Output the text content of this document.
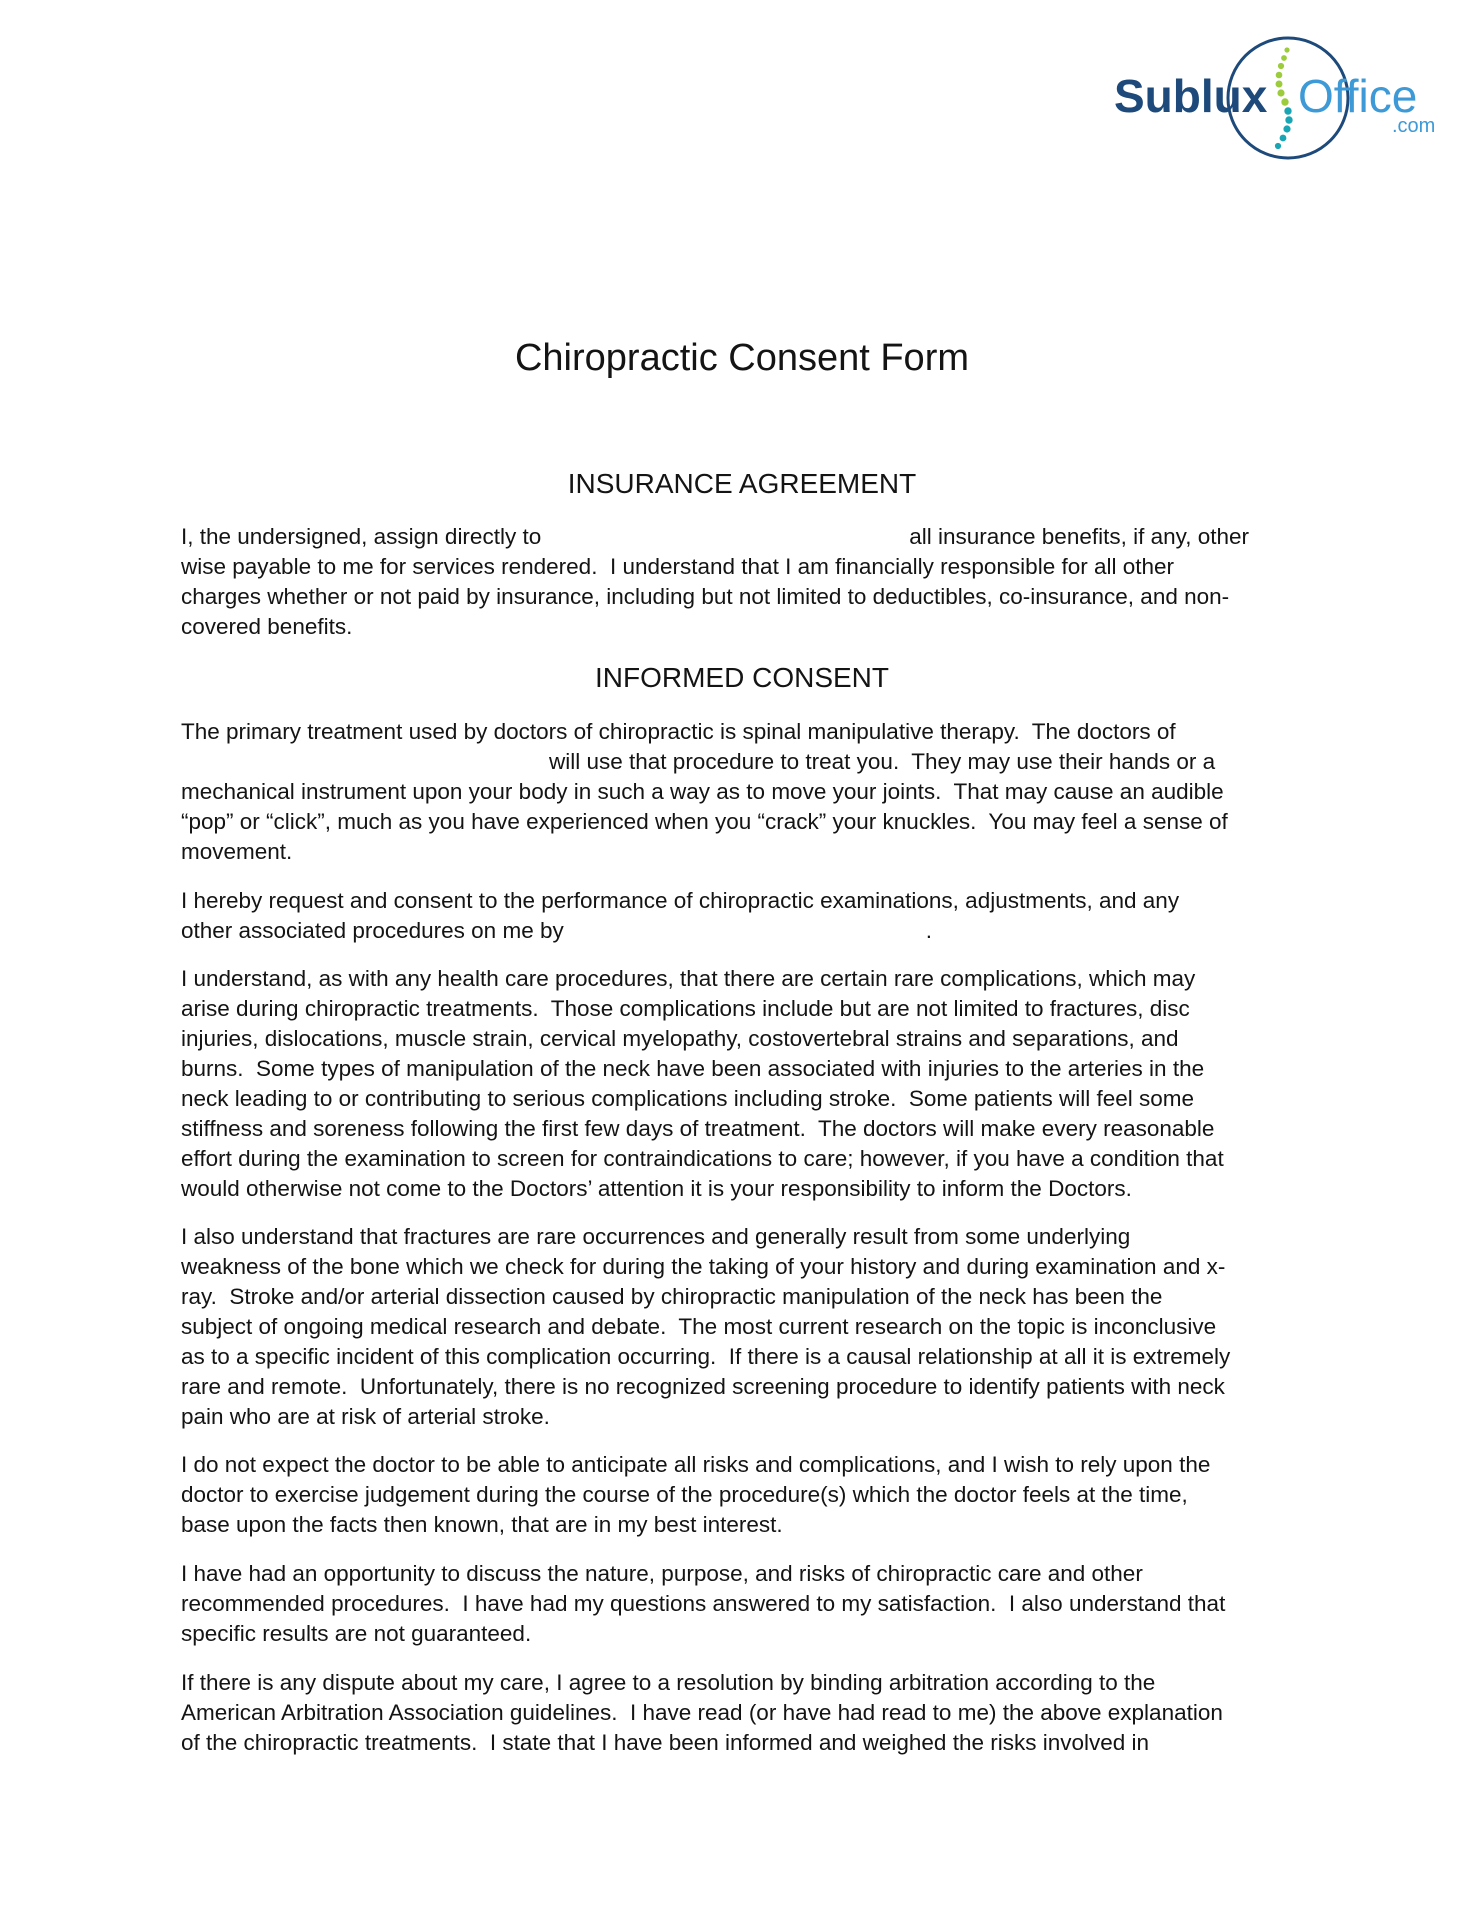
Sublux Office
.com
Chiropractic Consent Form
INSURANCE AGREEMENT
I, the undersigned, assign directly to	all insurance benefits, if any, other
wise payable to me for services rendered.  I understand that I am financially responsible for all other
charges whether or not paid by insurance, including but not limited to deductibles, co-insurance, and non-
covered benefits.
INFORMED CONSENT
The primary treatment used by doctors of chiropractic is spinal manipulative therapy.  The doctors of
will use that procedure to treat you.  They may use their hands or a
mechanical instrument upon your body in such a way as to move your joints.  That may cause an audible
“pop” or “click”, much as you have experienced when you “crack” your knuckles.  You may feel a sense of
movement.
I hereby request and consent to the performance of chiropractic examinations, adjustments, and any
other associated procedures on me by	.
I understand, as with any health care procedures, that there are certain rare complications, which may
arise during chiropractic treatments.  Those complications include but are not limited to fractures, disc
injuries, dislocations, muscle strain, cervical myelopathy, costovertebral strains and separations, and
burns.  Some types of manipulation of the neck have been associated with injuries to the arteries in the
neck leading to or contributing to serious complications including stroke.  Some patients will feel some
stiffness and soreness following the first few days of treatment.  The doctors will make every reasonable
effort during the examination to screen for contraindications to care; however, if you have a condition that
would otherwise not come to the Doctors’ attention it is your responsibility to inform the Doctors.
I also understand that fractures are rare occurrences and generally result from some underlying
weakness of the bone which we check for during the taking of your history and during examination and x-
ray.  Stroke and/or arterial dissection caused by chiropractic manipulation of the neck has been the
subject of ongoing medical research and debate.  The most current research on the topic is inconclusive
as to a specific incident of this complication occurring.  If there is a causal relationship at all it is extremely
rare and remote.  Unfortunately, there is no recognized screening procedure to identify patients with neck
pain who are at risk of arterial stroke.
I do not expect the doctor to be able to anticipate all risks and complications, and I wish to rely upon the
doctor to exercise judgement during the course of the procedure(s) which the doctor feels at the time,
base upon the facts then known, that are in my best interest.
I have had an opportunity to discuss the nature, purpose, and risks of chiropractic care and other
recommended procedures.  I have had my questions answered to my satisfaction.  I also understand that
specific results are not guaranteed.
If there is any dispute about my care, I agree to a resolution by binding arbitration according to the
American Arbitration Association guidelines.  I have read (or have had read to me) the above explanation
of the chiropractic treatments.  I state that I have been informed and weighed the risks involved in
